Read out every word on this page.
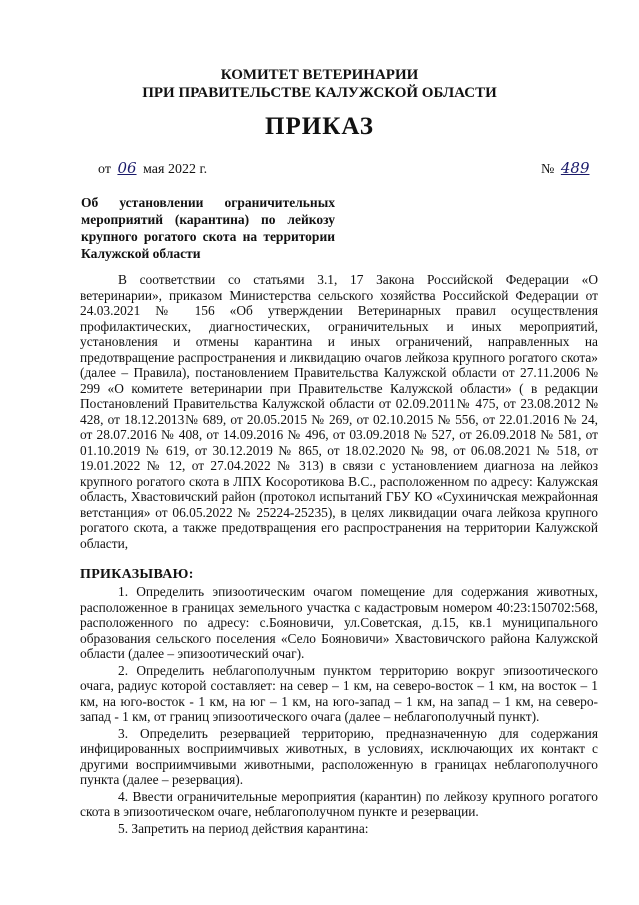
КОМИТЕТ ВЕТЕРИНАРИИ
ПРИ ПРАВИТЕЛЬСТВЕ КАЛУЖСКОЙ ОБЛАСТИ
ПРИКАЗ
от 06 мая 2022 г.	№ 489
Об установлении ограничительных мероприятий (карантина) по лейкозу крупного рогатого скота на территории Калужской области

В соответствии со статьями 3.1, 17 Закона Российской Федерации «О ветеринарии», приказом Министерства сельского хозяйства Российской Федерации от 24.03.2021 № 156 «Об утверждении Ветеринарных правил осуществления профилактических, диагностических, ограничительных и иных мероприятий, установления и отмены карантина и иных ограничений, направленных на предотвращение распространения и ликвидацию очагов лейкоза крупного рогатого скота» (далее – Правила), постановлением Правительства Калужской области от 27.11.2006 № 299 «О комитете ветеринарии при Правительстве Калужской области» ( в редакции Постановлений Правительства Калужской области от 02.09.2011№ 475, от 23.08.2012 № 428, от 18.12.2013№ 689, от 20.05.2015 № 269, от 02.10.2015 № 556, от 22.01.2016 № 24, от 28.07.2016 № 408, от 14.09.2016 № 496, от 03.09.2018 № 527, от 26.09.2018 № 581, от 01.10.2019 № 619, от 30.12.2019 № 865, от 18.02.2020 № 98, от 06.08.2021 № 518, от 19.01.2022 № 12, от 27.04.2022 № 313) в связи с установлением диагноза на лейкоз крупного рогатого скота в ЛПХ Косоротикова В.С., расположенном по адресу: Калужская область, Хвастовичский район (протокол испытаний ГБУ КО «Сухиничская межрайонная ветстанция» от 06.05.2022 № 25224-25235), в целях ликвидации очага лейкоза крупного рогатого скота, а также предотвращения его распространения на территории Калужской области,

ПРИКАЗЫВАЮ:

1. Определить эпизоотическим очагом помещение для содержания животных, расположенное в границах земельного участка с кадастровым номером 40:23:150702:568, расположенного по адресу: с.Бояновичи, ул.Советская, д.15, кв.1 муниципального образования сельского поселения «Село Бояновичи» Хвастовичского района Калужской области (далее – эпизоотический очаг).

2. Определить неблагополучным пунктом территорию вокруг эпизоотического очага, радиус которой составляет: на север – 1 км, на северо-восток – 1 км, на восток – 1 км, на юго-восток - 1 км, на юг – 1 км, на юго-запад – 1 км, на запад – 1 км, на северо-запад - 1 км, от границ эпизоотического очага (далее – неблагополучный пункт).

3. Определить резервацией территорию, предназначенную для содержания инфицированных восприимчивых животных, в условиях, исключающих их контакт с другими восприимчивыми животными, расположенную в границах неблагополучного пункта (далее – резервация).

4. Ввести ограничительные мероприятия (карантин) по лейкозу крупного рогатого скота в эпизоотическом очаге, неблагополучном пункте и резервации.

5. Запретить на период действия карантина:
